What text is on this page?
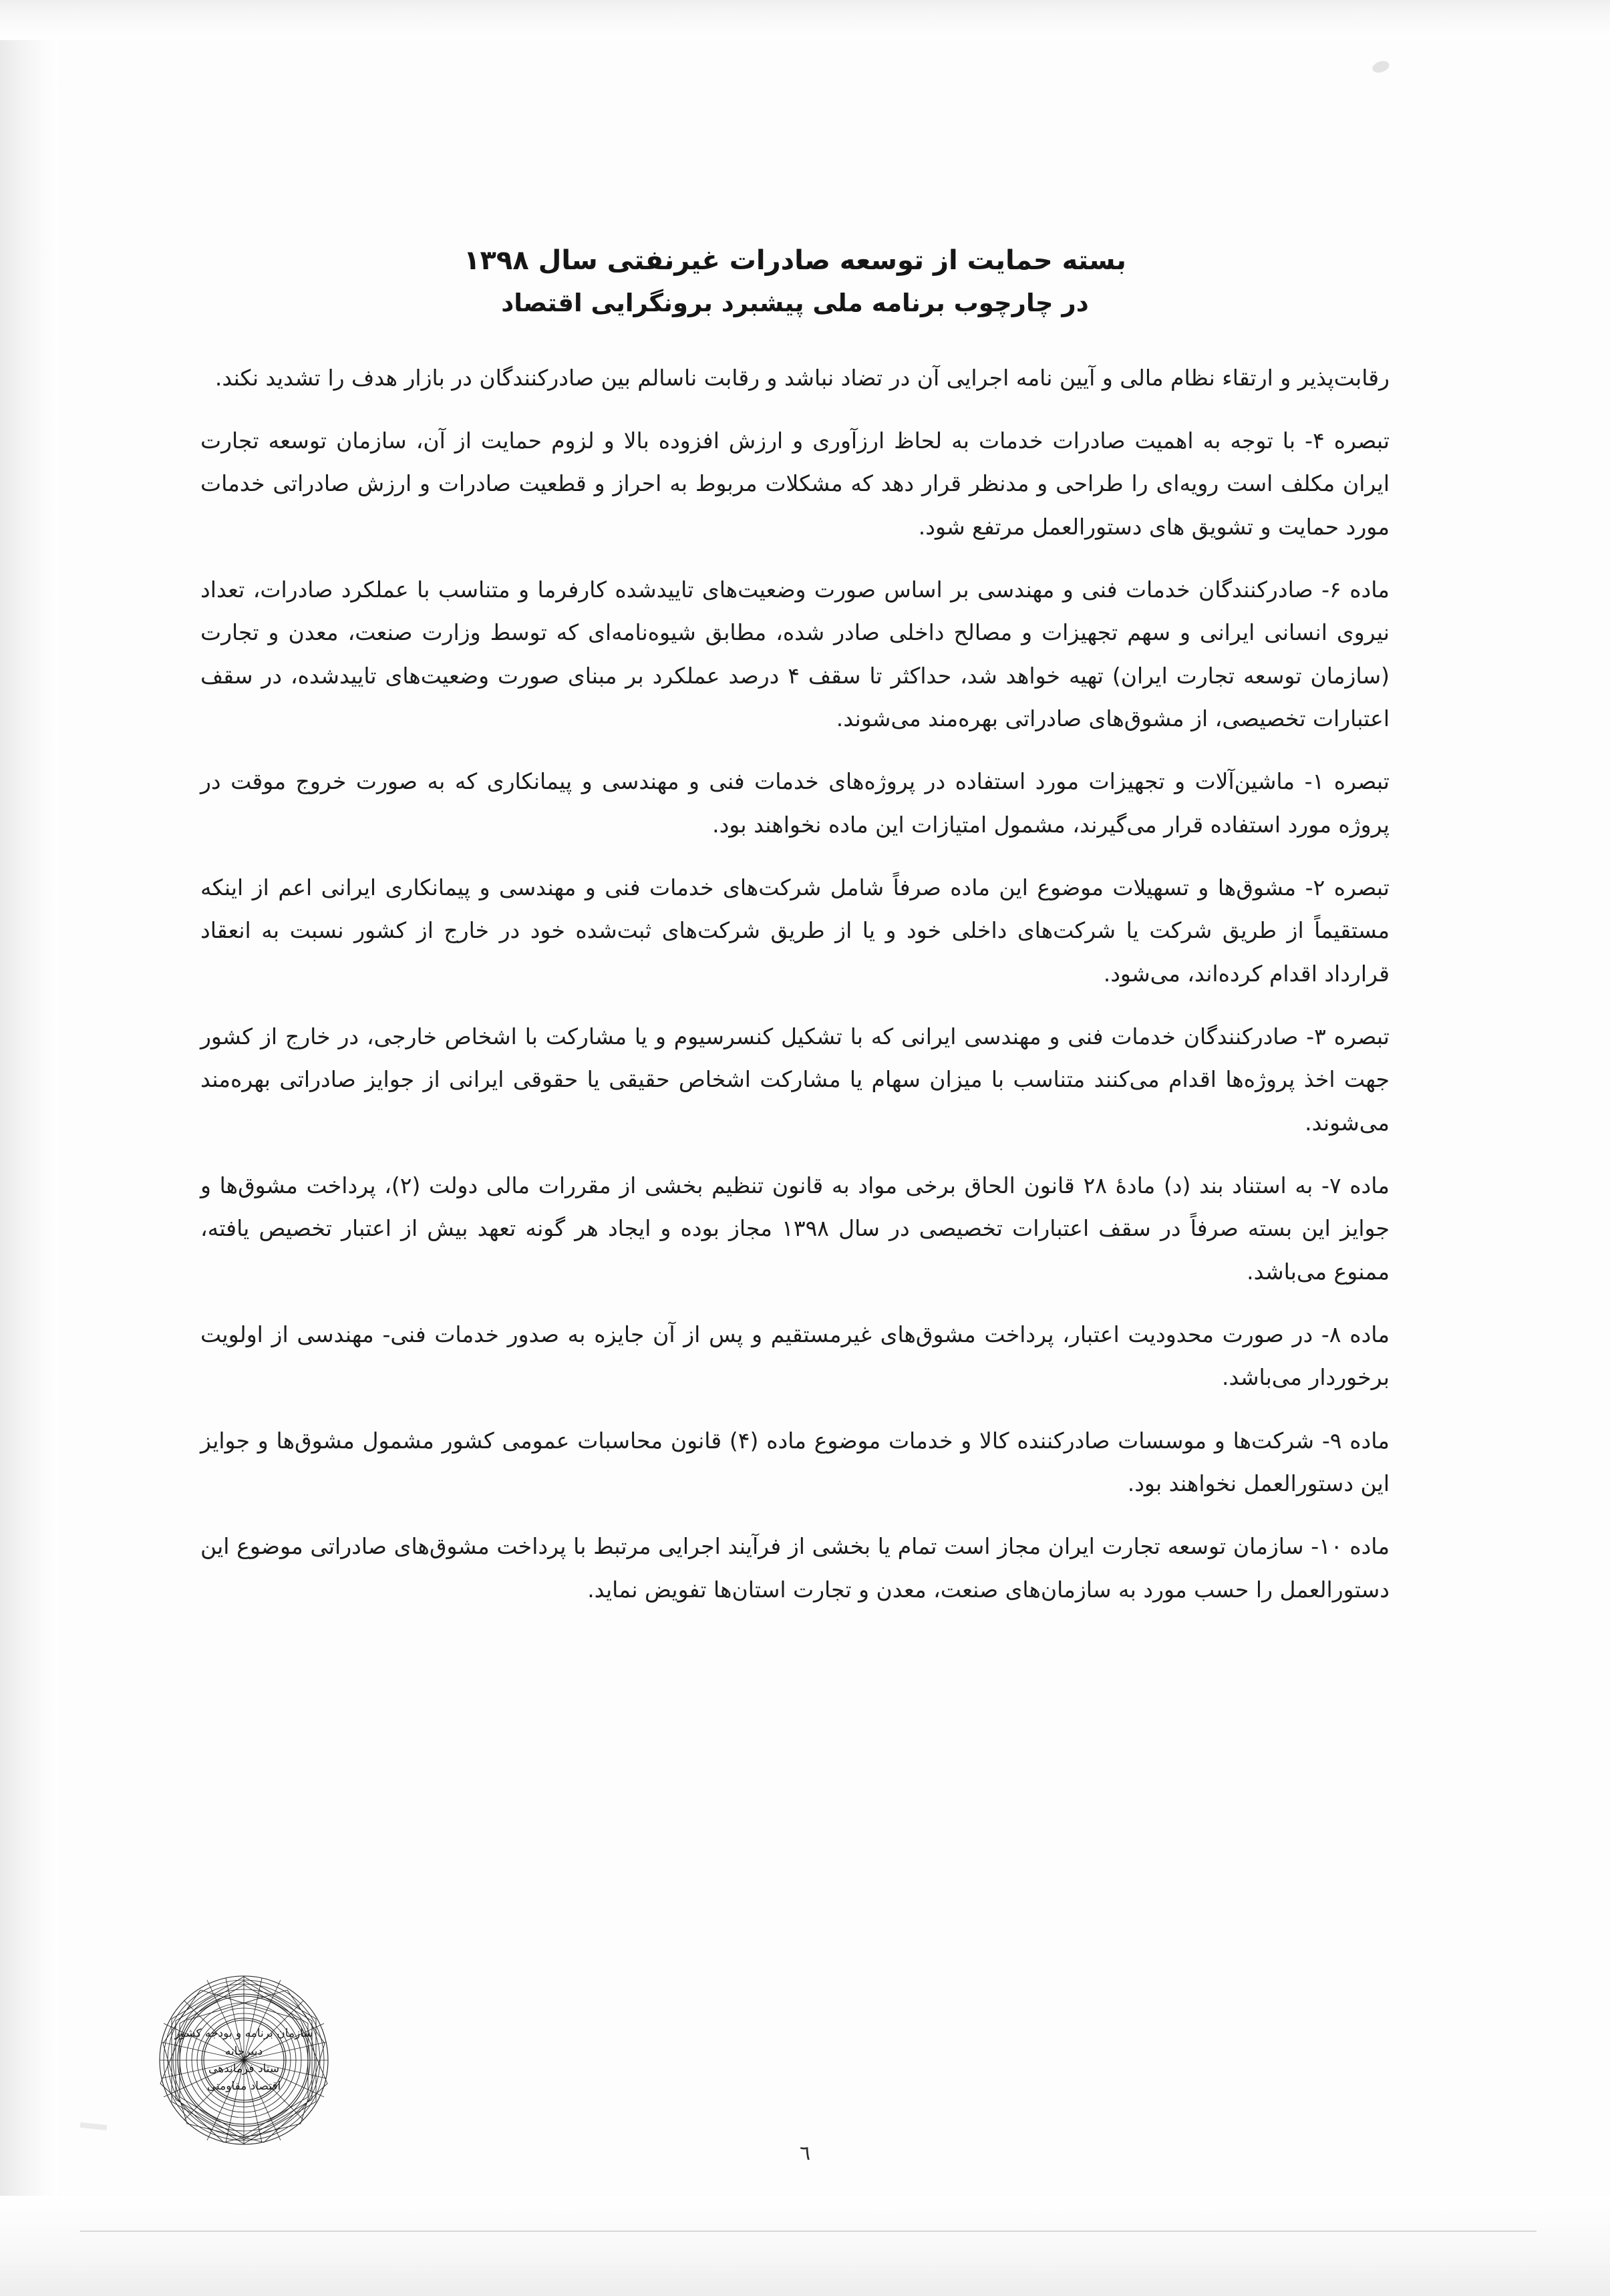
بسته حمایت از توسعه صادرات غیرنفتی سال ۱۳۹۸
در چارچوب برنامه ملی پیشبرد برونگرایی اقتصاد

رقابت‌پذیر و ارتقاء نظام مالی و آیین نامه اجرایی آن در تضاد نباشد و رقابت ناسالم بین صادرکنندگان در بازار هدف را تشدید نکند.

تبصره ۴- با توجه به اهمیت صادرات خدمات به لحاظ ارزآوری و ارزش افزوده بالا و لزوم حمایت از آن، سازمان توسعه تجارت ایران مکلف است رویه‌ای را طراحی و مدنظر قرار دهد که مشکلات مربوط به احراز و قطعیت صادرات و ارزش صادراتی خدمات مورد حمایت و تشویق های دستورالعمل مرتفع شود.

ماده ۶- صادرکنندگان خدمات فنی و مهندسی بر اساس صورت وضعیت‌های تاییدشده کارفرما و متناسب با عملکرد صادرات، تعداد نیروی انسانی ایرانی و سهم تجهیزات و مصالح داخلی صادر شده، مطابق شیوه‌نامه‌ای که توسط وزارت صنعت، معدن و تجارت (سازمان توسعه تجارت ایران) تهیه خواهد شد، حداکثر تا سقف ۴ درصد عملکرد بر مبنای صورت وضعیت‌های تاییدشده، در سقف اعتبارات تخصیصی، از مشوق‌های صادراتی بهره‌مند می‌شوند.

تبصره ۱- ماشین‌آلات و تجهیزات مورد استفاده در پروژه‌های خدمات فنی و مهندسی و پیمانکاری که به صورت خروج موقت در پروژه مورد استفاده قرار می‌گیرند، مشمول امتیازات این ماده نخواهند بود.

تبصره ۲- مشوق‌ها و تسهیلات موضوع این ماده صرفاً شامل شرکت‌های خدمات فنی و مهندسی و پیمانکاری ایرانی اعم از اینکه مستقیماً از طریق شرکت یا شرکت‌های داخلی خود و یا از طریق شرکت‌های ثبت‌شده خود در خارج از کشور نسبت به انعقاد قرارداد اقدام کرده‌اند، می‌شود.

تبصره ۳- صادرکنندگان خدمات فنی و مهندسی ایرانی که با تشکیل کنسرسیوم و یا مشارکت با اشخاص خارجی، در خارج از کشور جهت اخذ پروژه‌ها اقدام می‌کنند متناسب با میزان سهام یا مشارکت اشخاص حقیقی یا حقوقی ایرانی از جوایز صادراتی بهره‌مند می‌شوند.

ماده ۷- به استناد بند (د) مادهٔ ۲۸ قانون الحاق برخی مواد به قانون تنظیم بخشی از مقررات مالی دولت (۲)، پرداخت مشوق‌ها و جوایز این بسته صرفاً در سقف اعتبارات تخصیصی در سال ۱۳۹۸ مجاز بوده و ایجاد هر گونه تعهد بیش از اعتبار تخصیص یافته، ممنوع می‌باشد.

ماده ۸- در صورت محدودیت اعتبار، پرداخت مشوق‌های غیرمستقیم و پس از آن جایزه به صدور خدمات فنی- مهندسی از اولویت برخوردار می‌باشد.

ماده ۹- شرکت‌ها و موسسات صادرکننده کالا و خدمات موضوع ماده (۴) قانون محاسبات عمومی کشور مشمول مشوق‌ها و جوایز این دستورالعمل نخواهند بود.

ماده ۱۰- سازمان توسعه تجارت ایران مجاز است تمام یا بخشی از فرآیند اجرایی مرتبط با پرداخت مشوق‌های صادراتی موضوع این دستورالعمل را حسب مورد به سازمان‌های صنعت، معدن و تجارت استان‌ها تفویض نماید.

سازمان برنامه و بودجه کشور
دبیرخانه
ستاد فرماندهی
اقتصاد مقاومتی
٦
